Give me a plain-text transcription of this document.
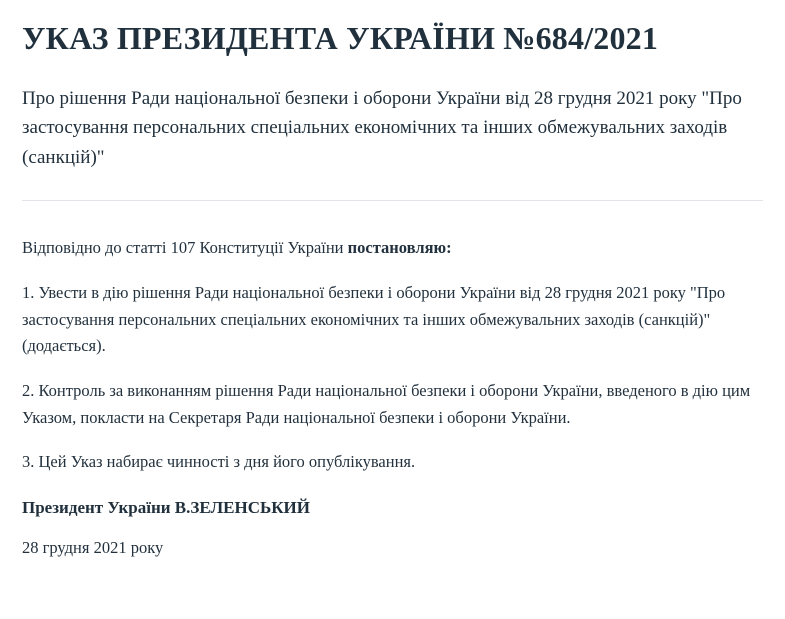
УКАЗ ПРЕЗИДЕНТА УКРАЇНИ №684/2021
Про рішення Ради національної безпеки і оборони України від 28 грудня 2021 року "Про застосування персональних спеціальних економічних та інших обмежувальних заходів (санкцій)"

Відповідно до статті 107 Конституції України постановляю:

1. Увести в дію рішення Ради національної безпеки і оборони України від 28 грудня 2021 року "Про застосування персональних спеціальних економічних та інших обмежувальних заходів (санкцій)" (додається).

2. Контроль за виконанням рішення Ради національної безпеки і оборони України, введеного в дію цим Указом, покласти на Секретаря Ради національної безпеки і оборони України.

3. Цей Указ набирає чинності з дня його опублікування.

Президент України В.ЗЕЛЕНСЬКИЙ
28 грудня 2021 року
